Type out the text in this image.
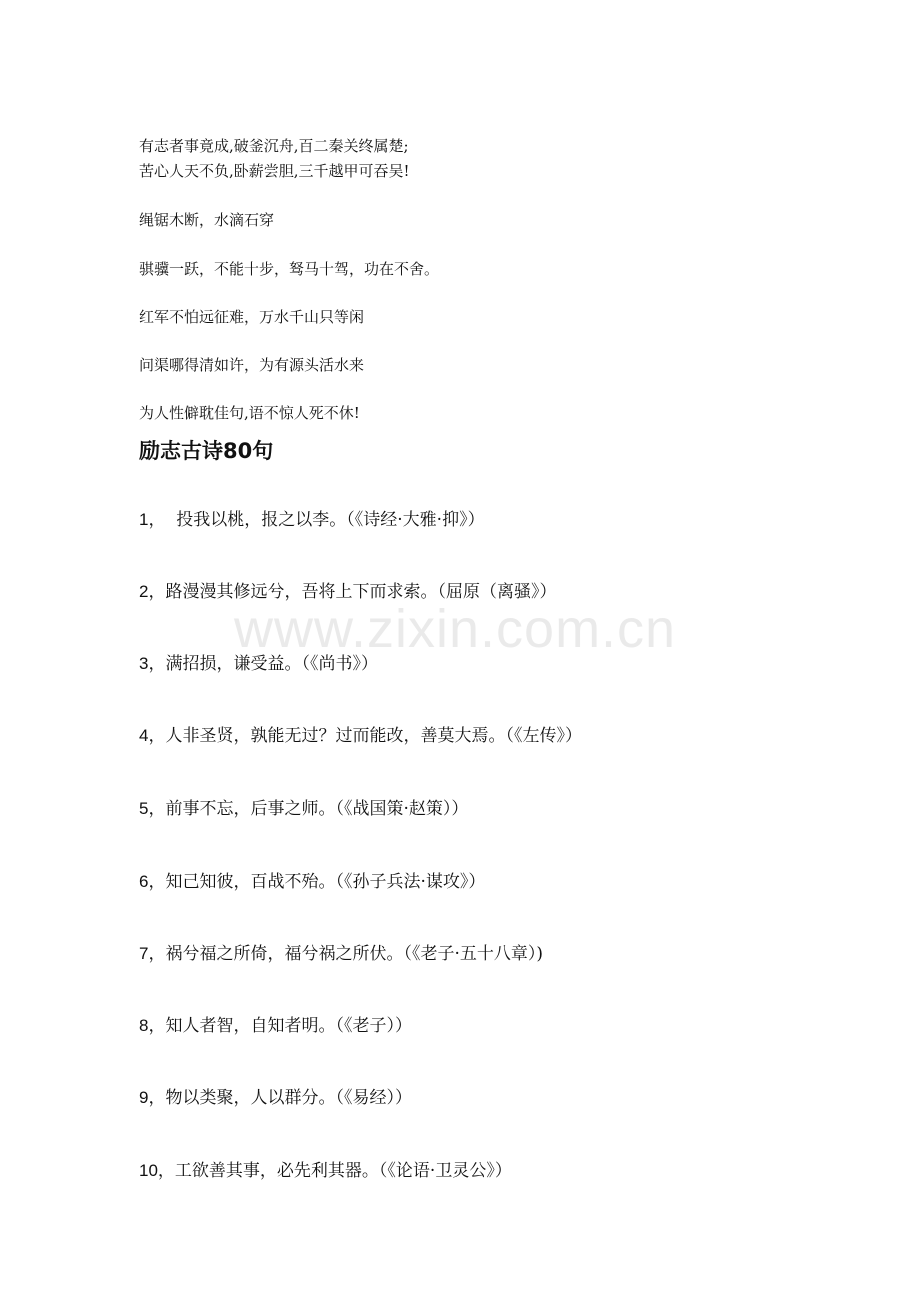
有志者事竟成,破釜沉舟,百二秦关终属楚;
苦心人天不负,卧薪尝胆,三千越甲可吞吴!
绳锯木断，水滴石穿
骐骥一跃，不能十步，驽马十驾，功在不舍。
红军不怕远征难，万水千山只等闲
问渠哪得清如许，为有源头活水来
为人性僻耽佳句,语不惊人死不休!
励志古诗80句
www.zixin.com.cn
1，  投我以桃，报之以李。（《诗经·大雅·抑》）
2，路漫漫其修远兮，吾将上下而求索。（屈原（离骚》）
3，满招损，谦受益。（《尚书》）
4，人非圣贤，孰能无过？过而能改，善莫大焉。（《左传》）
5，前事不忘，后事之师。（《战国策·赵策））
6，知己知彼，百战不殆。（《孙子兵法·谋攻》）
7，祸兮福之所倚，福兮祸之所伏。（《老子·五十八章）)
8，知人者智，自知者明。（《老子））
9，物以类聚，人以群分。（《易经））
10，工欲善其事，必先利其器。（《论语·卫灵公》）
